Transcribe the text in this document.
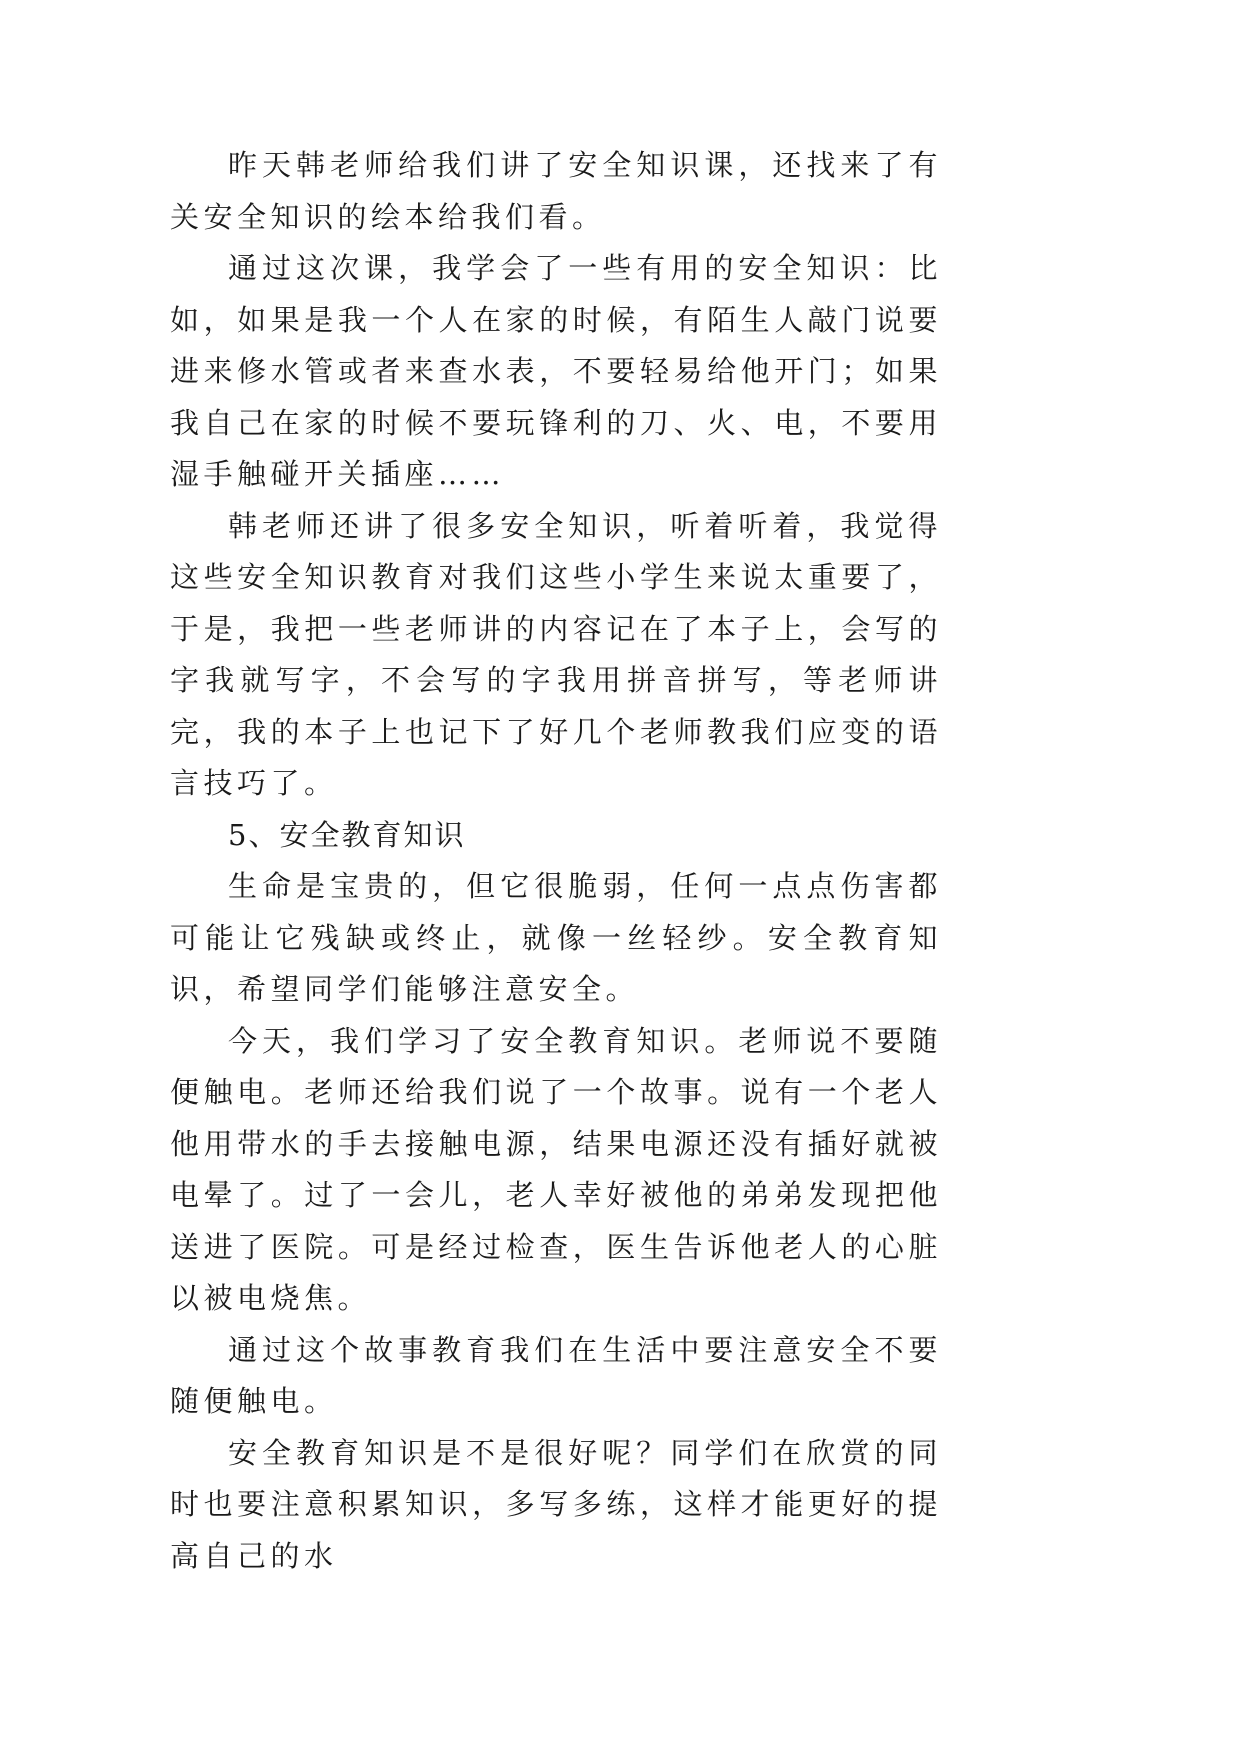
昨天韩老师给我们讲了安全知识课，还找来了有关安全知识的绘本给我们看。

通过这次课，我学会了一些有用的安全知识：比如，如果是我一个人在家的时候，有陌生人敲门说要进来修水管或者来查水表，不要轻易给他开门；如果我自己在家的时候不要玩锋利的刀、火、电，不要用湿手触碰开关插座……

韩老师还讲了很多安全知识，听着听着，我觉得这些安全知识教育对我们这些小学生来说太重要了，于是，我把一些老师讲的内容记在了本子上，会写的字我就写字，不会写的字我用拼音拼写，等老师讲完，我的本子上也记下了好几个老师教我们应变的语言技巧了。

5、安全教育知识

生命是宝贵的，但它很脆弱，任何一点点伤害都可能让它残缺或终止，就像一丝轻纱。安全教育知识，希望同学们能够注意安全。

今天，我们学习了安全教育知识。老师说不要随便触电。老师还给我们说了一个故事。说有一个老人他用带水的手去接触电源，结果电源还没有插好就被电晕了。过了一会儿，老人幸好被他的弟弟发现把他送进了医院。可是经过检查，医生告诉他老人的心脏以被电烧焦。

通过这个故事教育我们在生活中要注意安全不要随便触电。

安全教育知识是不是很好呢？同学们在欣赏的同时也要注意积累知识，多写多练，这样才能更好的提高自己的水
